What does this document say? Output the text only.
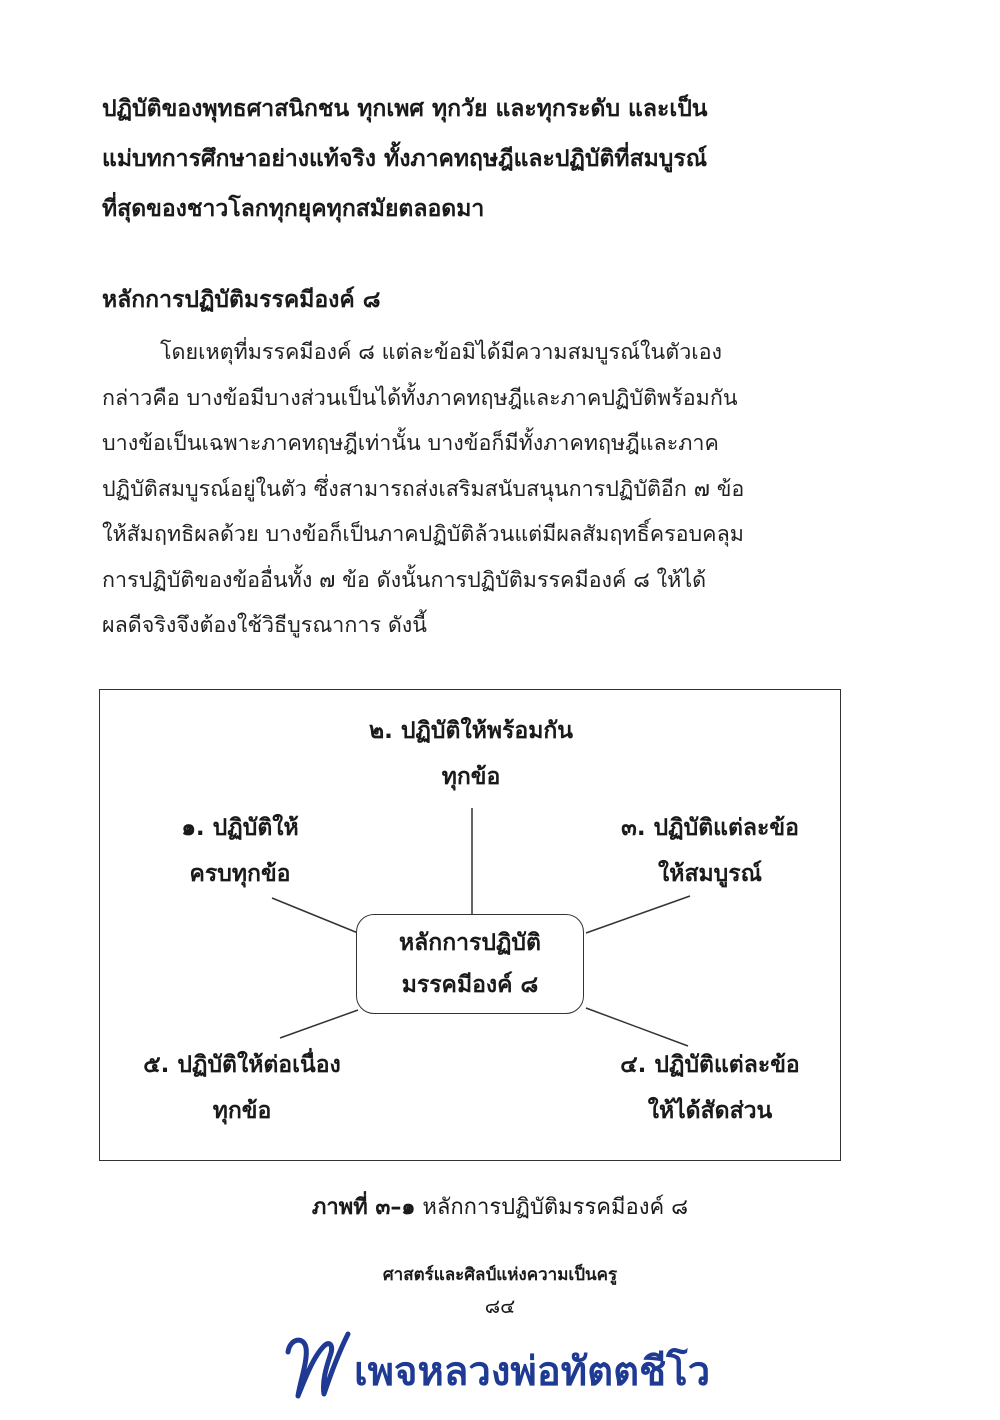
ปฏิบัติของพุทธศาสนิกชน ทุกเพศ ทุกวัย และทุกระดับ และเป็น
แม่บทการศึกษาอย่างแท้จริง ทั้งภาคทฤษฎีและปฏิบัติที่สมบูรณ์
ที่สุดของชาวโลกทุกยุคทุกสมัยตลอดมา
หลักการปฏิบัติมรรคมีองค์ ๘
โดยเหตุที่มรรคมีองค์ ๘ แต่ละข้อมิได้มีความสมบูรณ์ในตัวเอง
กล่าวคือ บางข้อมีบางส่วนเป็นได้ทั้งภาคทฤษฎีและภาคปฏิบัติพร้อมกัน
บางข้อเป็นเฉพาะภาคทฤษฎีเท่านั้น บางข้อก็มีทั้งภาคทฤษฎีและภาค
ปฏิบัติสมบูรณ์อยู่ในตัว ซึ่งสามารถส่งเสริมสนับสนุนการปฏิบัติอีก ๗ ข้อ
ให้สัมฤทธิผลด้วย บางข้อก็เป็นภาคปฏิบัติล้วนแต่มีผลสัมฤทธิ์ครอบคลุม
การปฏิบัติของข้ออื่นทั้ง ๗ ข้อ ดังนั้นการปฏิบัติมรรคมีองค์ ๘ ให้ได้
ผลดีจริงจึงต้องใช้วิธีบูรณาการ ดังนี้
๒. ปฏิบัติให้พร้อมกัน
ทุกข้อ
๑. ปฏิบัติให้
ครบทุกข้อ
๓. ปฏิบัติแต่ละข้อ
ให้สมบูรณ์
หลักการปฏิบัติ
มรรคมีองค์ ๘
๕. ปฏิบัติให้ต่อเนื่อง
ทุกข้อ
๔. ปฏิบัติแต่ละข้อ
ให้ได้สัดส่วน
ภาพที่ ๓–๑ หลักการปฏิบัติมรรคมีองค์ ๘
ศาสตร์และศิลป์แห่งความเป็นครู
๘๔
เพจหลวงพ่อทัตตชีโว
